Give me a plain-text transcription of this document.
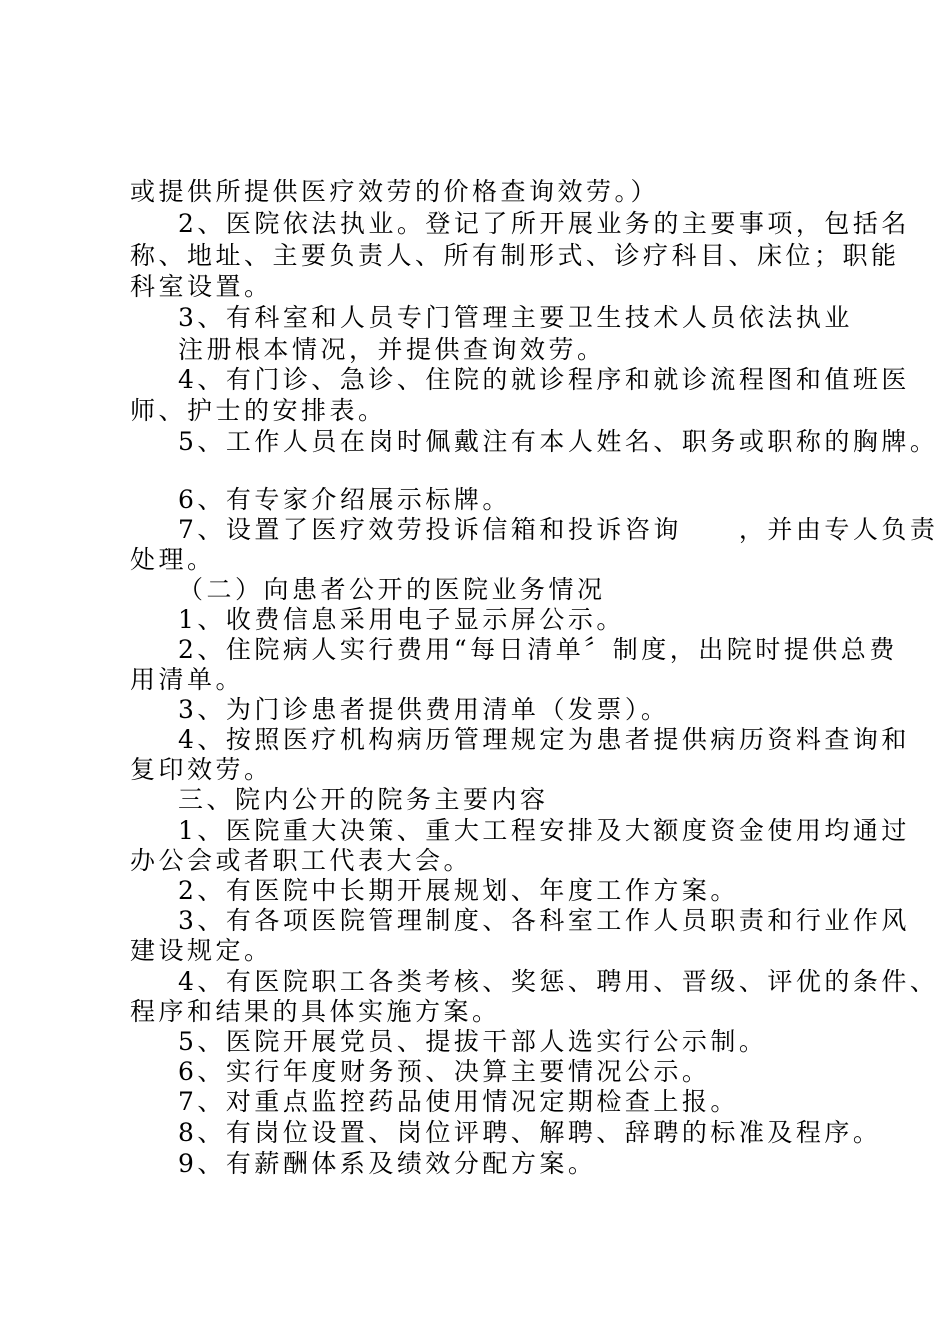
或提供所提供医疗效劳的价格查询效劳。）
2、医院依法执业。登记了所开展业务的主要事项，包括名
称、地址、主要负责人、所有制形式、诊疗科目、床位；职能
科室设置。
3、有科室和人员专门管理主要卫生技术人员依法执业
注册根本情况，并提供查询效劳。
4、有门诊、急诊、住院的就诊程序和就诊流程图和值班医
师、护士的安排表。
5、工作人员在岗时佩戴注有本人姓名、职务或职称的胸牌。
6、有专家介绍展示标牌。
7、设置了医疗效劳投诉信箱和投诉咨询　　，并由专人负责
处理。
（二）向患者公开的医院业务情况
1、收费信息采用电子显示屏公示。
2、住院病人实行费用“每日清单〞制度，出院时提供总费
用清单。
3、为门诊患者提供费用清单（发票）。
4、按照医疗机构病历管理规定为患者提供病历资料查询和
复印效劳。
三、院内公开的院务主要内容
1、医院重大决策、重大工程安排及大额度资金使用均通过
办公会或者职工代表大会。
2、有医院中长期开展规划、年度工作方案。
3、有各项医院管理制度、各科室工作人员职责和行业作风
建设规定。
4、有医院职工各类考核、奖惩、聘用、晋级、评优的条件、
程序和结果的具体实施方案。
5、医院开展党员、提拔干部人选实行公示制。
6、实行年度财务预、决算主要情况公示。
7、对重点监控药品使用情况定期检查上报。
8、有岗位设置、岗位评聘、解聘、辞聘的标准及程序。
9、有薪酬体系及绩效分配方案。
